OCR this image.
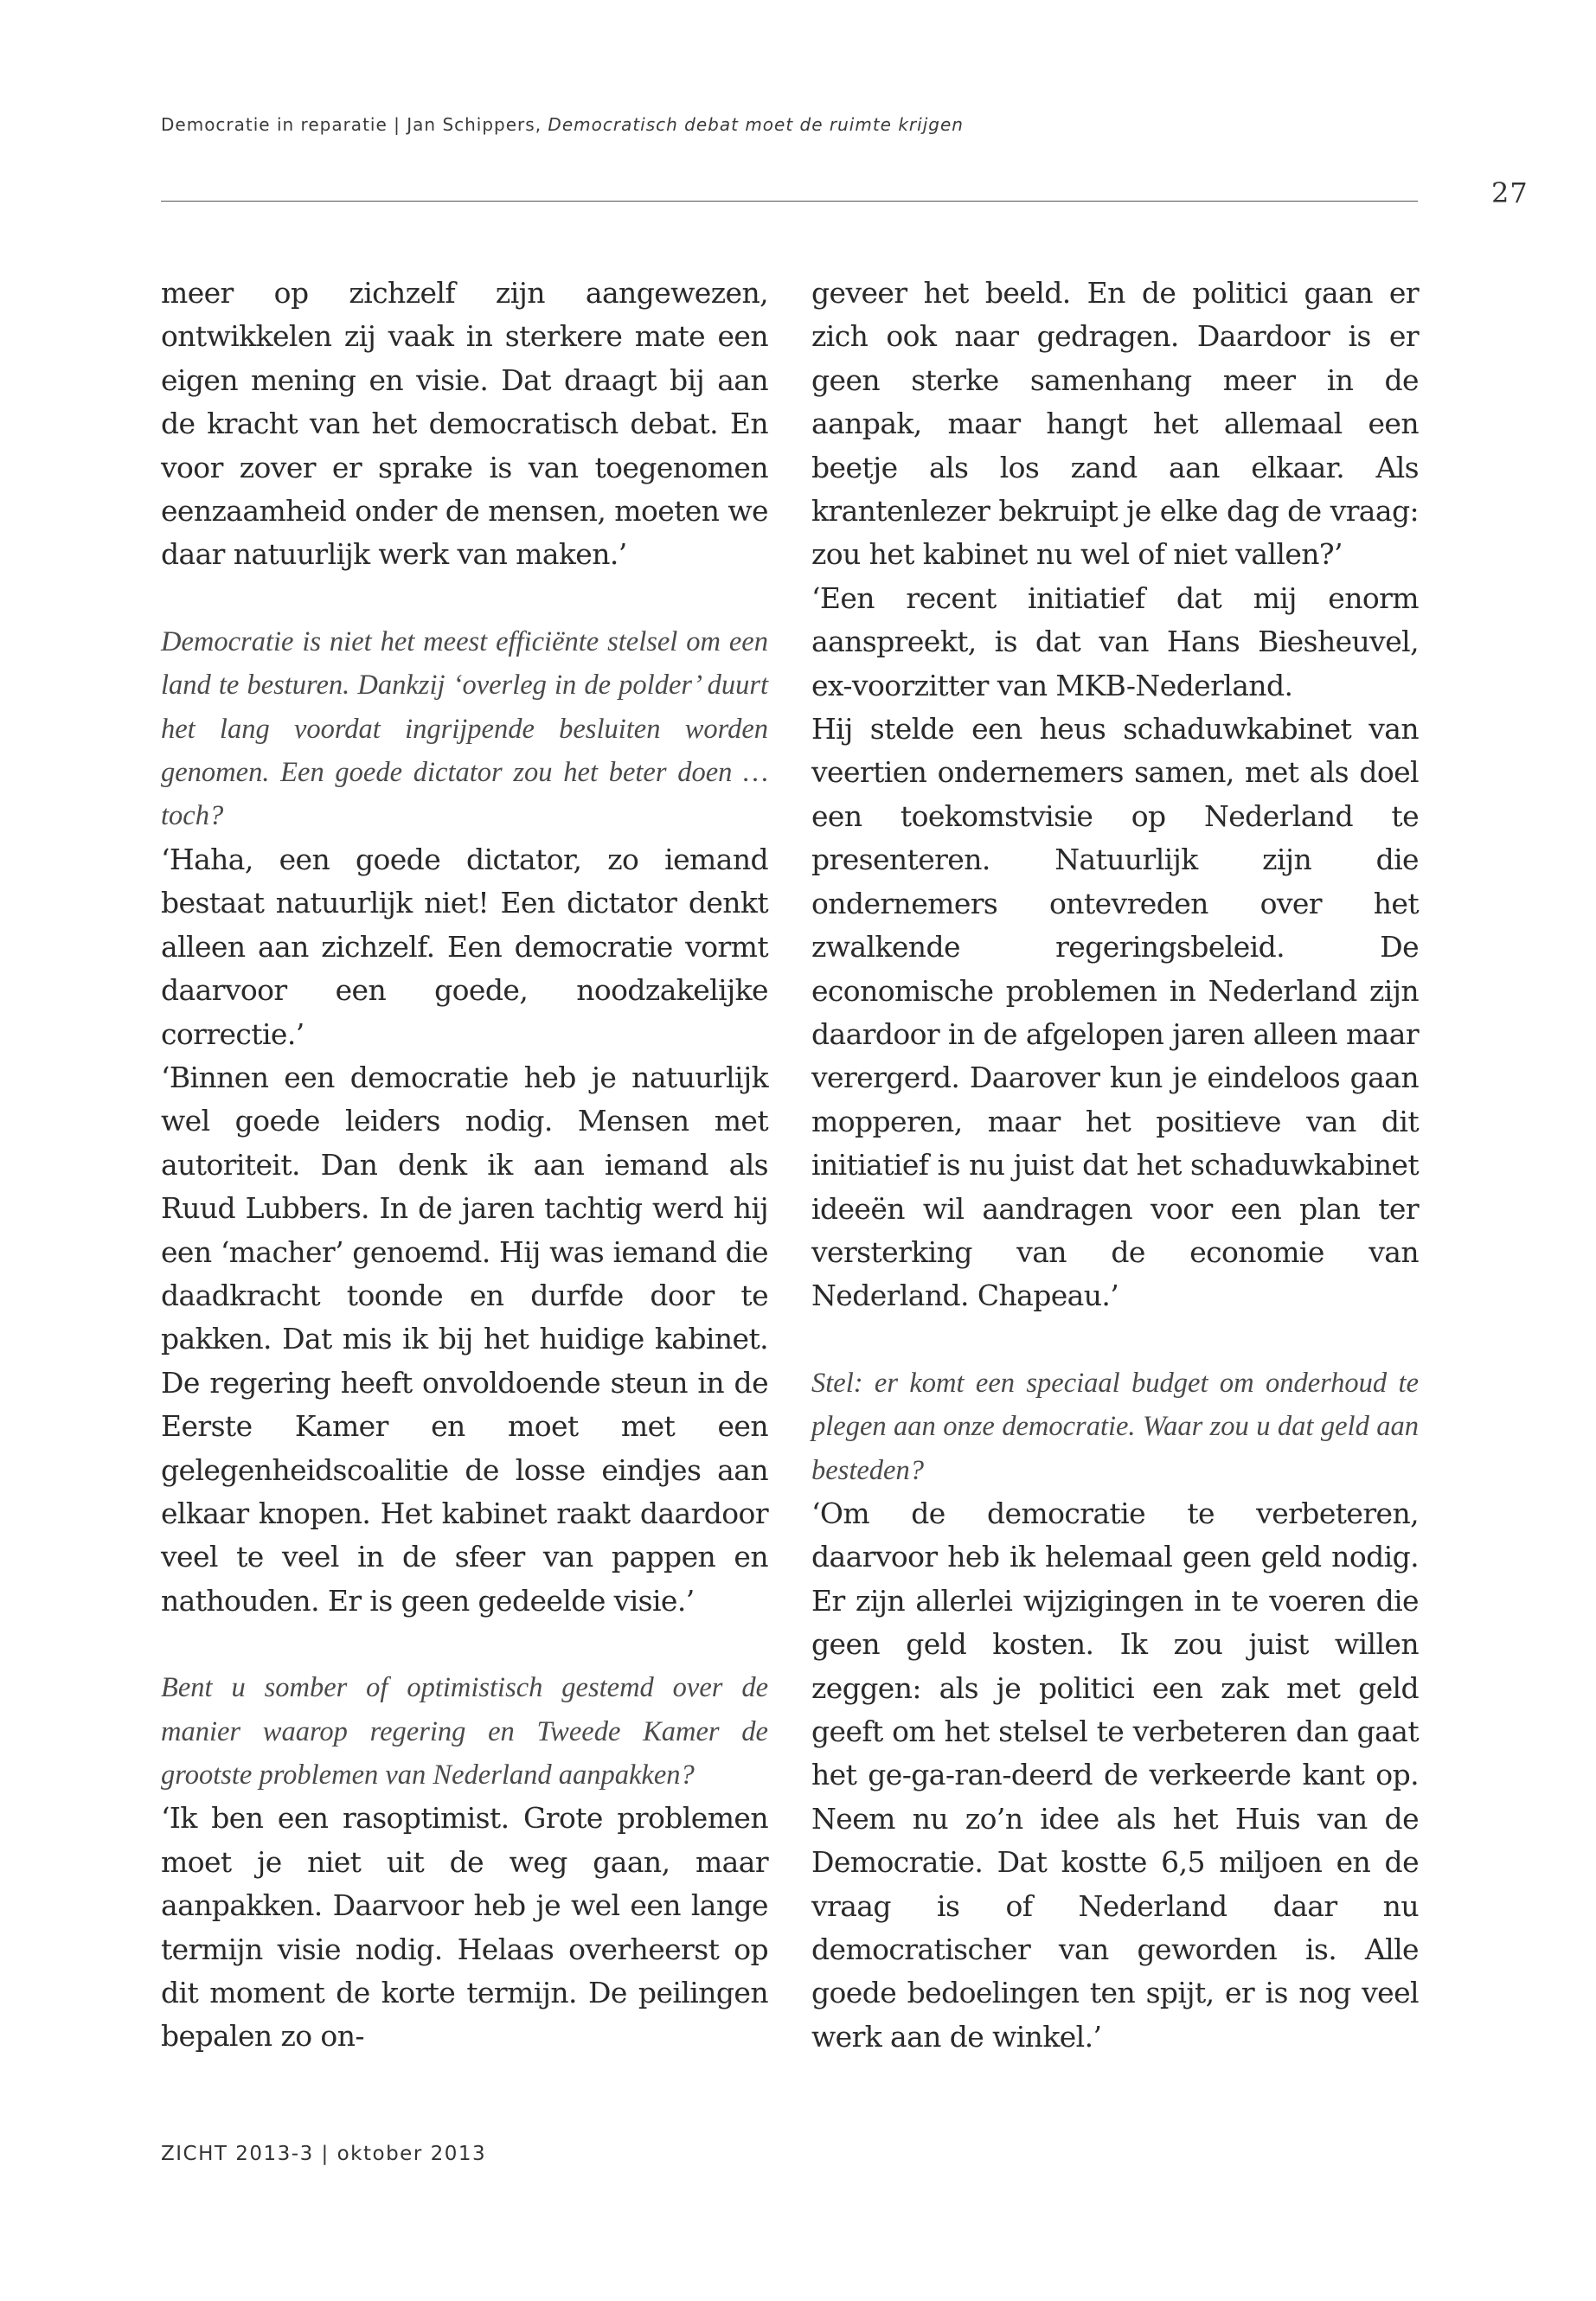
Democratie in reparatie | Jan Schippers, Democratisch debat moet de ruimte krijgen
27

meer op zichzelf zijn aangewezen, ontwikkelen zij vaak in sterkere mate een eigen mening en visie. Dat draagt bij aan de kracht van het democratisch debat. En voor zover er sprake is van toegenomen eenzaamheid onder de mensen, moeten we daar natuurlijk werk van maken.’

Democratie is niet het meest efficiënte stelsel om een land te besturen. Dankzij ‘overleg in de polder’ duurt het lang voordat ingrijpende besluiten worden genomen. Een goede dictator zou het beter doen … toch?

‘Haha, een goede dictator, zo iemand bestaat natuurlijk niet! Een dictator denkt alleen aan zichzelf. Een democratie vormt daarvoor een goede, noodzakelijke correctie.’

‘Binnen een democratie heb je natuurlijk wel goede leiders nodig. Mensen met autoriteit. Dan denk ik aan iemand als Ruud Lubbers. In de jaren tachtig werd hij een ‘macher’ genoemd. Hij was iemand die daadkracht toonde en durfde door te pakken. Dat mis ik bij het huidige kabinet. De regering heeft onvoldoende steun in de Eerste Kamer en moet met een gelegenheidscoalitie de losse eindjes aan elkaar knopen. Het kabinet raakt daardoor veel te veel in de sfeer van pappen en nathouden. Er is geen gedeelde visie.’

Bent u somber of optimistisch gestemd over de manier waarop regering en Tweede Kamer de grootste problemen van Nederland aanpakken?

‘Ik ben een rasoptimist. Grote problemen moet je niet uit de weg gaan, maar aanpakken. Daarvoor heb je wel een lange termijn visie nodig. Helaas overheerst op dit moment de korte termijn. De peilingen bepalen zo on-

geveer het beeld. En de politici gaan er zich ook naar gedragen. Daardoor is er geen sterke samenhang meer in de aanpak, maar hangt het allemaal een beetje als los zand aan elkaar. Als krantenlezer bekruipt je elke dag de vraag: zou het kabinet nu wel of niet vallen?’

‘Een recent initiatief dat mij enorm aanspreekt, is dat van Hans Biesheuvel, ex-voorzitter van MKB-Nederland.

Hij stelde een heus schaduwkabinet van veertien ondernemers samen, met als doel een toekomstvisie op Nederland te presenteren. Natuurlijk zijn die ondernemers ontevreden over het zwalkende regeringsbeleid. De economische problemen in Nederland zijn daardoor in de afgelopen jaren alleen maar verergerd. Daarover kun je eindeloos gaan mopperen, maar het positieve van dit initiatief is nu juist dat het schaduwkabinet ideeën wil aandragen voor een plan ter versterking van de economie van Nederland. Chapeau.’

Stel: er komt een speciaal budget om onderhoud te plegen aan onze democratie. Waar zou u dat geld aan besteden?

‘Om de democratie te verbeteren, daarvoor heb ik helemaal geen geld nodig. Er zijn allerlei wijzigingen in te voeren die geen geld kosten. Ik zou juist willen zeggen: als je politici een zak met geld geeft om het stelsel te verbeteren dan gaat het ge-ga-ran-deerd de verkeerde kant op. Neem nu zo’n idee als het Huis van de Democratie. Dat kostte 6,5 miljoen en de vraag is of Nederland daar nu democratischer van geworden is. Alle goede bedoelingen ten spijt, er is nog veel werk aan de winkel.’

ZICHT 2013-3 | oktober 2013
